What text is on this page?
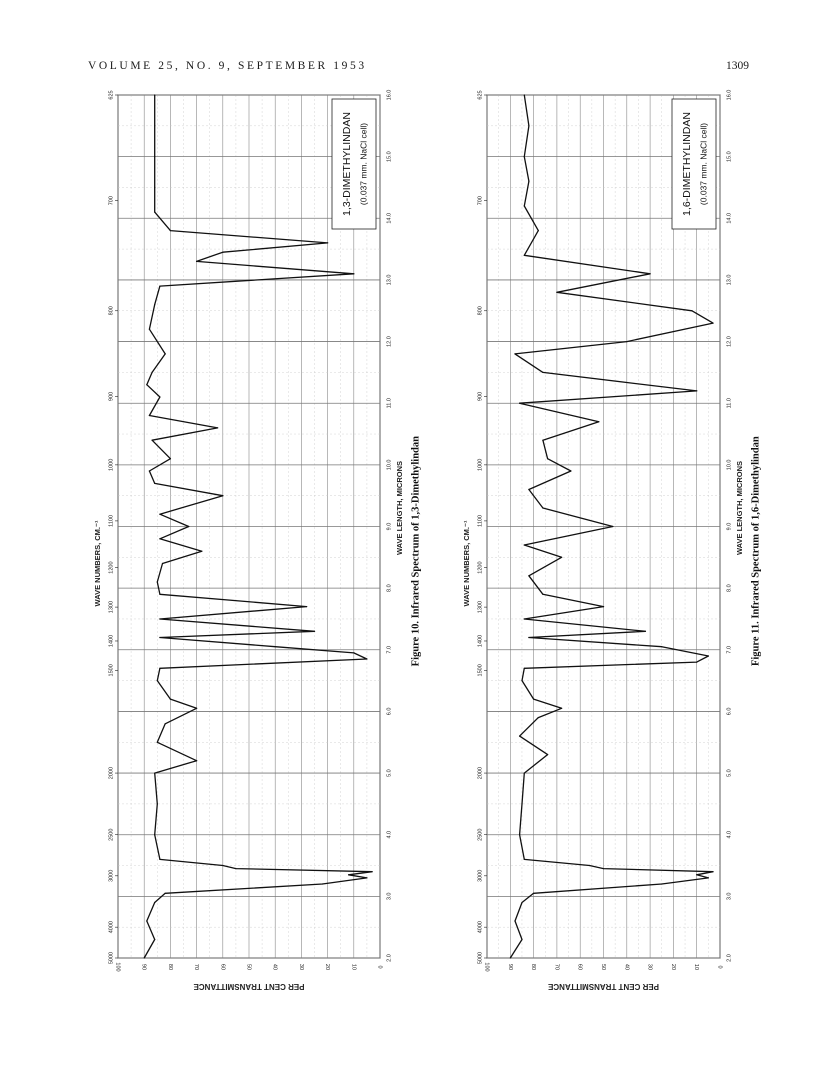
VOLUME 25, NO. 9, SEPTEMBER 1953	1309
100	90	80	70	60	50	40	30	20	10	0
PER CENT TRANSMITTANCE
2.0
3.0
4.0
5.0
6.0
7.0
8.0
9.0
10.0
11.0
12.0
13.0
14.0
15.0
16.0
WAVE LENGTH, MICRONS
5000
4000
3000
2500
2000
1500
1400
1300
1200
1100
1000
900
800
700
625
WAVE NUMBERS, CM.⁻¹	Figure 10. Infrared Spectrum of 1,3-Dimethylindan
1,3-DIMETHYLINDAN (0.037 mm. NaCl cell)
100	90	80	70	60	50	40	30	20	10	0
PER CENT TRANSMITTANCE
2.0
3.0
4.0
5.0
6.0
7.0
8.0
9.0
10.0
11.0
12.0
13.0
14.0
15.0
16.0
WAVE LENGTH, MICRONS
5000
4000
3000
2500
2000
1500
1400
1300
1200
1100
1000
900
800
700
625
WAVE NUMBERS, CM.⁻¹	Figure 11. Infrared Spectrum of 1,6-Dimethylindan
1,6-DIMETHYLINDAN (0.037 mm. NaCl cell)
